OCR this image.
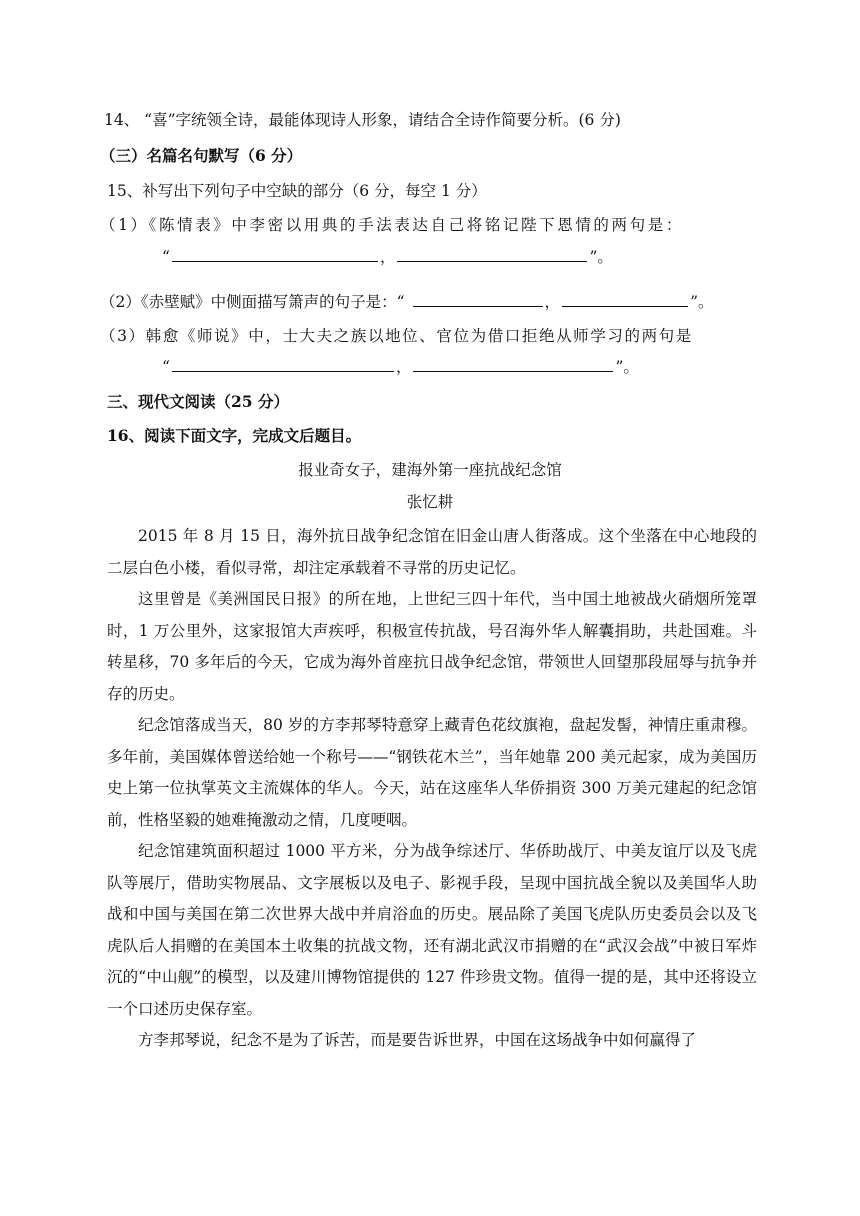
14、 “喜”字统领全诗，最能体现诗人形象，请结合全诗作简要分析。(6 分)
（三）名篇名句默写（6 分）
15、补写出下列句子中空缺的部分（6 分，每空 1 分）
（1）《陈情表》中李密以用典的手法表达自己将铭记陛下恩情的两句是：
“	，	”。
（2）《赤壁赋》中侧面描写箫声的句子是：“	，	”。
（3）韩愈《师说》中，士大夫之族以地位、官位为借口拒绝从师学习的两句是
“	，	”。
三、现代文阅读（25 分）
16、阅读下面文字，完成文后题目。
报业奇女子，建海外第一座抗战纪念馆
张忆耕

2015 年 8 月 15 日，海外抗日战争纪念馆在旧金山唐人街落成。这个坐落在中心地段的二层白色小楼，看似寻常，却注定承载着不寻常的历史记忆。

这里曾是《美洲国民日报》的所在地，上世纪三四十年代，当中国土地被战火硝烟所笼罩时，1 万公里外，这家报馆大声疾呼，积极宣传抗战，号召海外华人解囊捐助，共赴国难。斗转星移，70 多年后的今天，它成为海外首座抗日战争纪念馆，带领世人回望那段屈辱与抗争并存的历史。

纪念馆落成当天，80 岁的方李邦琴特意穿上藏青色花纹旗袍，盘起发髻，神情庄重肃穆。多年前，美国媒体曾送给她一个称号——“钢铁花木兰”，当年她靠 200 美元起家，成为美国历史上第一位执掌英文主流媒体的华人。今天，站在这座华人华侨捐资 300 万美元建起的纪念馆前，性格坚毅的她难掩激动之情，几度哽咽。

纪念馆建筑面积超过 1000 平方米，分为战争综述厅、华侨助战厅、中美友谊厅以及飞虎队等展厅，借助实物展品、文字展板以及电子、影视手段，呈现中国抗战全貌以及美国华人助战和中国与美国在第二次世界大战中并肩浴血的历史。展品除了美国飞虎队历史委员会以及飞虎队后人捐赠的在美国本土收集的抗战文物，还有湖北武汉市捐赠的在“武汉会战”中被日军炸沉的“中山舰”的模型，以及建川博物馆提供的 127 件珍贵文物。值得一提的是，其中还将设立一个口述历史保存室。

方李邦琴说，纪念不是为了诉苦，而是要告诉世界，中国在这场战争中如何赢得了
